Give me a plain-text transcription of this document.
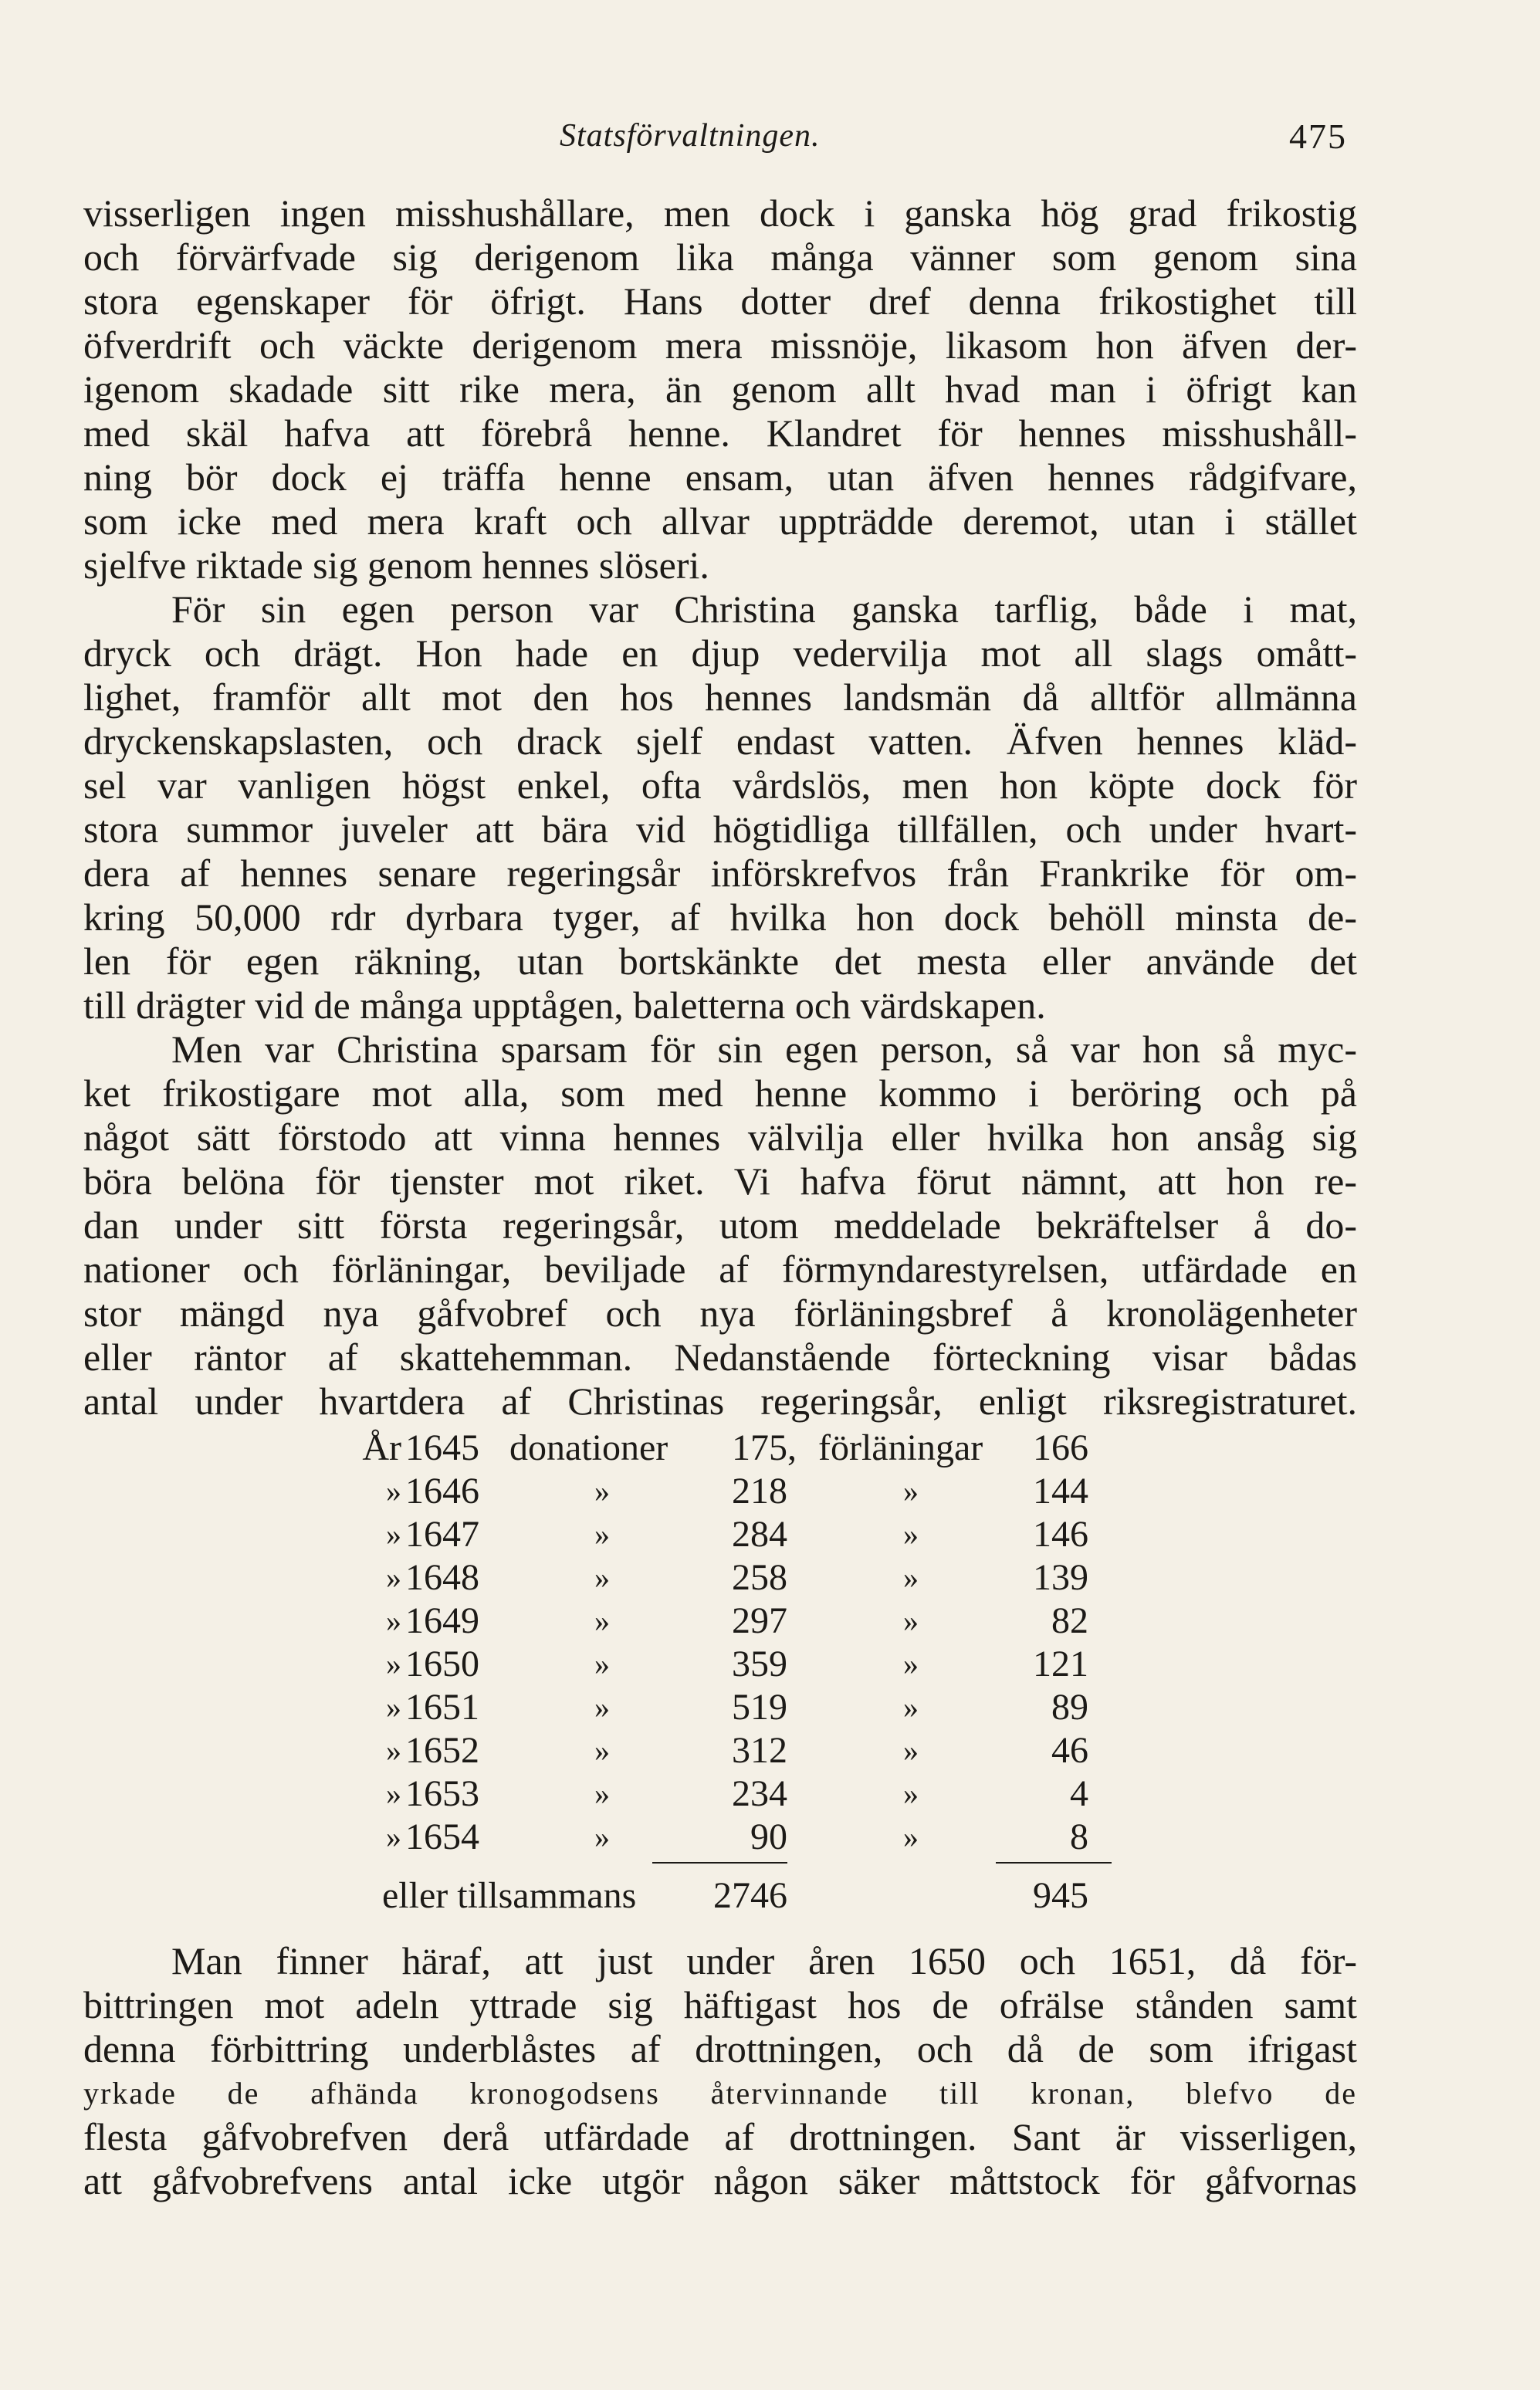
Statsförvaltningen.	475
visserligen ingen misshushållare, men dock i ganska hög grad frikostig
och förvärfvade sig derigenom lika många vänner som genom sina
stora egenskaper för öfrigt. Hans dotter dref denna frikostighet till
öfverdrift och väckte derigenom mera missnöje, likasom hon äfven der-
igenom skadade sitt rike mera, än genom allt hvad man i öfrigt kan
med skäl hafva att förebrå henne. Klandret för hennes misshushåll-
ning bör dock ej träffa henne ensam, utan äfven hennes rådgifvare,
som icke med mera kraft och allvar uppträdde deremot, utan i stället
sjelfve riktade sig genom hennes slöseri.
För sin egen person var Christina ganska tarflig, både i mat,
dryck och drägt. Hon hade en djup vedervilja mot all slags omått-
lighet, framför allt mot den hos hennes landsmän då alltför allmänna
dryckenskapslasten, och drack sjelf endast vatten. Äfven hennes kläd-
sel var vanligen högst enkel, ofta vårdslös, men hon köpte dock för
stora summor juveler att bära vid högtidliga tillfällen, och under hvart-
dera af hennes senare regeringsår införskrefvos från Frankrike för om-
kring 50,000 rdr dyrbara tyger, af hvilka hon dock behöll minsta de-
len för egen räkning, utan bortskänkte det mesta eller använde det
till drägter vid de många upptågen, baletterna och värdskapen.
Men var Christina sparsam för sin egen person, så var hon så myc-
ket frikostigare mot alla, som med henne kommo i beröring och på
något sätt förstodo att vinna hennes välvilja eller hvilka hon ansåg sig
böra belöna för tjenster mot riket. Vi hafva förut nämnt, att hon re-
dan under sitt första regeringsår, utom meddelade bekräftelser å do-
nationer och förläningar, beviljade af förmyndarestyrelsen, utfärdade en
stor mängd nya gåfvobref och nya förläningsbref å kronolägenheter
eller räntor af skattehemman. Nedanstående förteckning visar bådas
antal under hvartdera af Christinas regeringsår, enligt riksregistraturet.
År 1645 donationer	175 , förläningar	166
» 1646	»	218	»	144
» 1647	»	284	»	146
» 1648	»	258	»	139
» 1649	»	297	»	82
» 1650	»	359	»	121
» 1651	»	519	»	89
» 1652	»	312	»	46
» 1653	»	234	»	4
» 1654	»	90	»	8
eller tillsammans	2746	945
Man finner häraf, att just under åren 1650 och 1651, då för-
bittringen mot adeln yttrade sig häftigast hos de ofrälse stånden samt
denna förbittring underblåstes af drottningen, och då de som ifrigast
yrkade de afhända kronogodsens återvinnande till kronan, blefvo de
flesta gåfvobrefven derå utfärdade af drottningen. Sant är visserligen,
att gåfvobrefvens antal icke utgör någon säker måttstock för gåfvornas
